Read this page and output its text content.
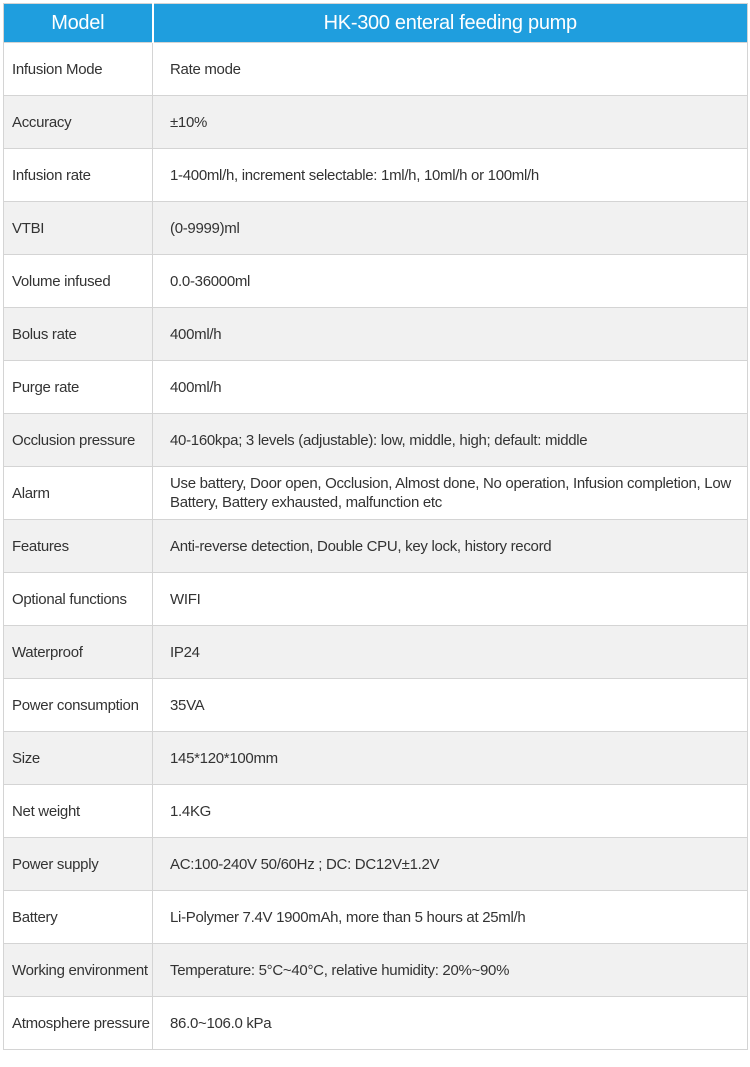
Model	HK-300 enteral feeding pump
Infusion Mode	Rate mode
Accuracy	±10%
Infusion rate	1-400ml/h, increment selectable: 1ml/h, 10ml/h or 100ml/h
VTBI	(0-9999)ml
Volume infused	0.0-36000ml
Bolus rate	400ml/h
Purge rate	400ml/h
Occlusion pressure	40-160kpa; 3 levels (adjustable): low, middle, high; default: middle
Alarm	Use battery, Door open, Occlusion, Almost done, No operation, Infusion completion, Low Battery, Battery exhausted, malfunction etc
Features	Anti-reverse detection, Double CPU, key lock, history record
Optional functions	WIFI
Waterproof	IP24
Power consumption	35VA
Size	145*120*100mm
Net weight	1.4KG
Power supply	AC:100-240V 50/60Hz ; DC: DC12V±1.2V
Battery	Li-Polymer 7.4V 1900mAh, more than 5 hours at 25ml/h
Working environment	Temperature: 5°C~40°C, relative humidity: 20%~90%
Atmosphere pressure	86.0~106.0 kPa
